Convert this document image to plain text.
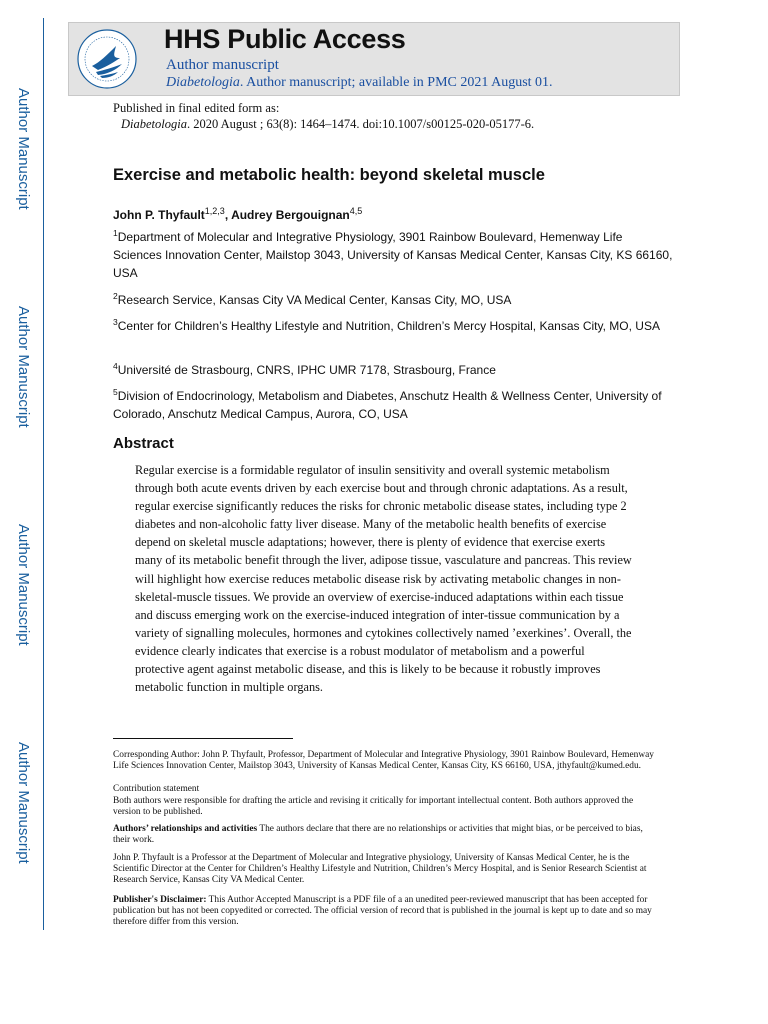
Author Manuscript
Author Manuscript
Author Manuscript
Author Manuscript
HHS Public Access
Author manuscript
Diabetologia. Author manuscript; available in PMC 2021 August 01.
Published in final edited form as:
Diabetologia. 2020 August ; 63(8): 1464–1474. doi:10.1007/s00125-020-05177-6.
Exercise and metabolic health: beyond skeletal muscle
John P. Thyfault$^{1,2,3}$, Audrey Bergouignan$^{4,5}$
$^1$Department of Molecular and Integrative Physiology, 3901 Rainbow Boulevard, Hemenway Life Sciences Innovation Center, Mailstop 3043, University of Kansas Medical Center, Kansas City, KS 66160, USA
$^2$Research Service, Kansas City VA Medical Center, Kansas City, MO, USA
$^3$Center for Children’s Healthy Lifestyle and Nutrition, Children’s Mercy Hospital, Kansas City, MO, USA
$^4$Université de Strasbourg, CNRS, IPHC UMR 7178, Strasbourg, France
$^5$Division of Endocrinology, Metabolism and Diabetes, Anschutz Health & Wellness Center, University of Colorado, Anschutz Medical Campus, Aurora, CO, USA
Abstract

Regular exercise is a formidable regulator of insulin sensitivity and overall systemic metabolism through both acute events driven by each exercise bout and through chronic adaptations. As a result, regular exercise significantly reduces the risks for chronic metabolic disease states, including type 2 diabetes and non-alcoholic fatty liver disease. Many of the metabolic health benefits of exercise depend on skeletal muscle adaptations; however, there is plenty of evidence that exercise exerts many of its metabolic benefit through the liver, adipose tissue, vasculature and pancreas. This review will highlight how exercise reduces metabolic disease risk by activating metabolic changes in non-skeletal-muscle tissues. We provide an overview of exercise-induced adaptations within each tissue and discuss emerging work on the exercise-induced integration of inter-tissue communication by a variety of signalling molecules, hormones and cytokines collectively named ’exerkines’. Overall, the evidence clearly indicates that exercise is a robust modulator of metabolism and a powerful protective agent against metabolic disease, and this is likely to be because it robustly improves metabolic function in multiple organs.

Corresponding Author: John P. Thyfault, Professor, Department of Molecular and Integrative Physiology, 3901 Rainbow Boulevard, Hemenway Life Sciences Innovation Center, Mailstop 3043, University of Kansas Medical Center, Kansas City, KS 66160, USA, jthyfault@kumed.edu.

Contribution statement

Both authors were responsible for drafting the article and revising it critically for important intellectual content. Both authors approved the version to be published.

Authors’ relationships and activities The authors declare that there are no relationships or activities that might bias, or be perceived to bias, their work.

John P. Thyfault is a Professor at the Department of Molecular and Integrative physiology, University of Kansas Medical Center, he is the Scientific Director at the Center for Children’s Healthy Lifestyle and Nutrition, Children’s Mercy Hospital, and is Senior Research Scientist at Research Service, Kansas City VA Medical Center.

Publisher's Disclaimer: This Author Accepted Manuscript is a PDF file of a an unedited peer-reviewed manuscript that has been accepted for publication but has not been copyedited or corrected. The official version of record that is published in the journal is kept up to date and so may therefore differ from this version.
